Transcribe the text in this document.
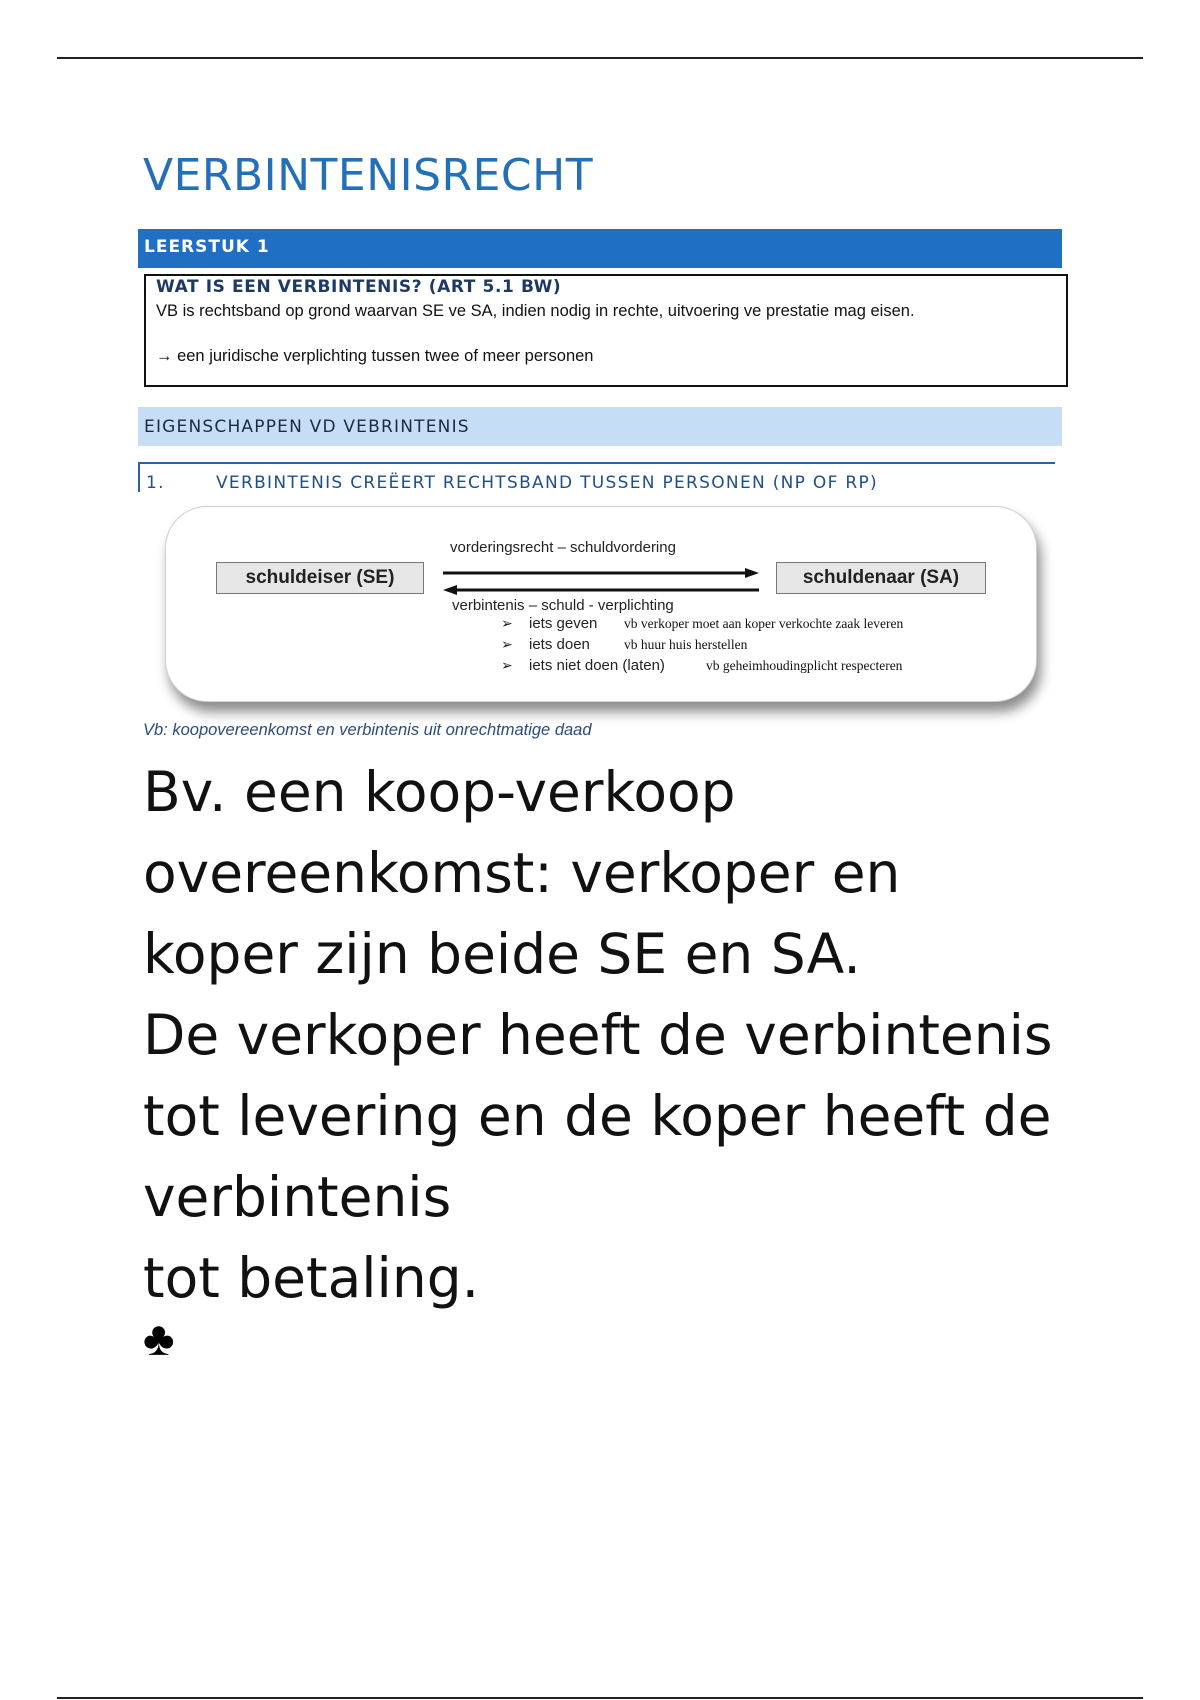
VERBINTENISRECHT
LEERSTUK 1
WAT IS EEN VERBINTENIS? (ART 5.1 BW)
VB is rechtsband op grond waarvan SE ve SA, indien nodig in rechte, uitvoering ve prestatie mag eisen.
→ een juridische verplichting tussen twee of meer personen
EIGENSCHAPPEN VD VEBRINTENIS
1.	VERBINTENIS CREËERT RECHTSBAND TUSSEN PERSONEN (NP OF RP)
schuldeiser (SE)	schuldenaar (SA)
vorderingsrecht – schuldvordering
verbintenis – schuld - verplichting
➢ iets geven vb verkoper moet aan koper verkochte zaak leveren
➢ iets doen	vb huur huis herstellen
➢ iets niet doen (laten)	vb geheimhoudingplicht respecteren
Vb: koopovereenkomst en verbintenis uit onrechtmatige daad
Bv. een koop-verkoop
overeenkomst: verkoper en
koper zijn beide SE en SA.
De verkoper heeft de verbintenis
tot levering en de koper heeft de
verbintenis
tot betaling.
♣
